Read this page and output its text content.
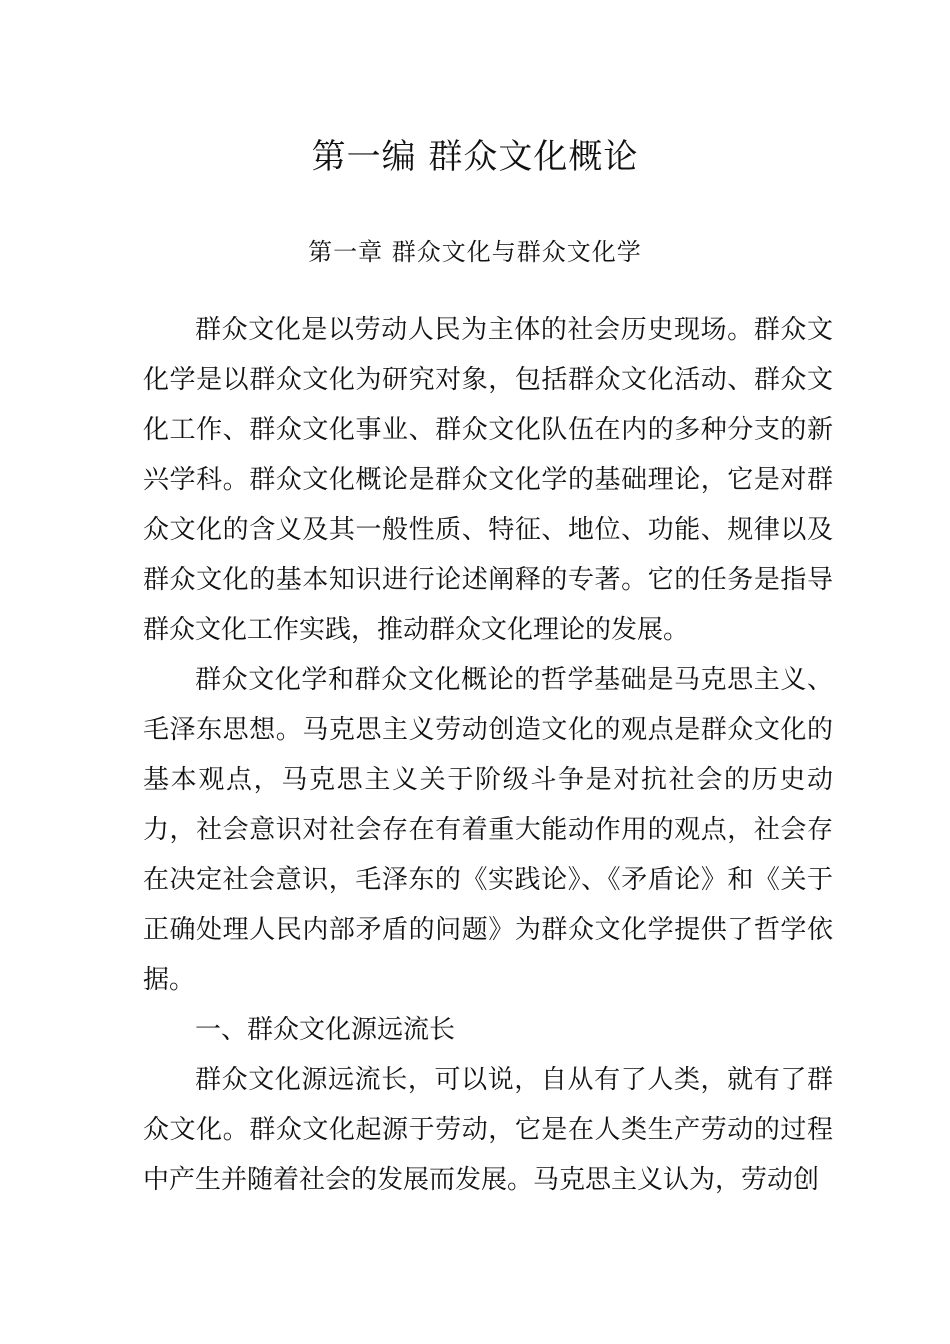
第一编 群众文化概论
第一章 群众文化与群众文化学

群众文化是以劳动人民为主体的社会历史现场。群众文化学是以群众文化为研究对象，包括群众文化活动、群众文化工作、群众文化事业、群众文化队伍在内的多种分支的新兴学科。群众文化概论是群众文化学的基础理论，它是对群众文化的含义及其一般性质、特征、地位、功能、规律以及群众文化的基本知识进行论述阐释的专著。它的任务是指导群众文化工作实践，推动群众文化理论的发展。

群众文化学和群众文化概论的哲学基础是马克思主义、毛泽东思想。马克思主义劳动创造文化的观点是群众文化的基本观点，马克思主义关于阶级斗争是对抗社会的历史动力，社会意识对社会存在有着重大能动作用的观点，社会存在决定社会意识，毛泽东的《实践论》、《矛盾论》和《关于正确处理人民内部矛盾的问题》为群众文化学提供了哲学依据。

一、群众文化源远流长

群众文化源远流长，可以说，自从有了人类，就有了群众文化。群众文化起源于劳动，它是在人类生产劳动的过程中产生并随着社会的发展而发展。马克思主义认为，劳动创
